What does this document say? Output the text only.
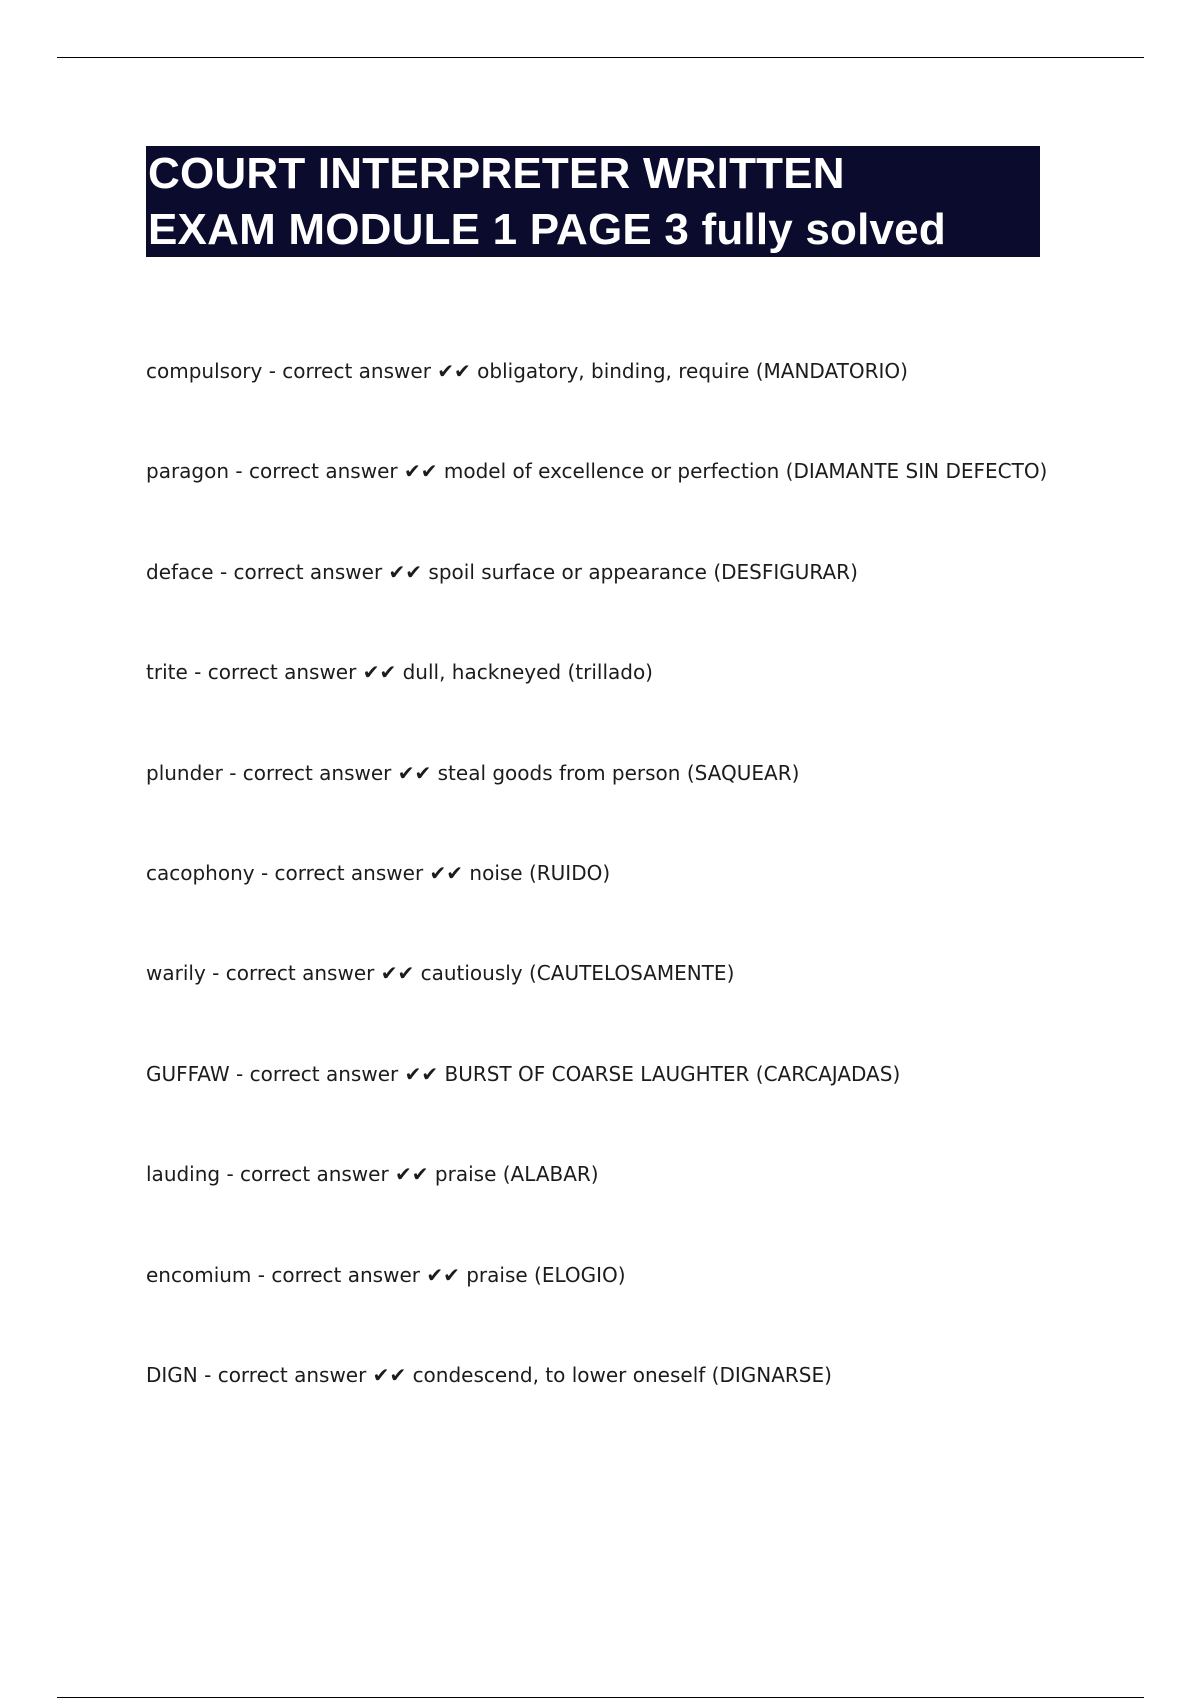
COURT INTERPRETER WRITTEN
EXAM MODULE 1 PAGE 3 fully solved
compulsory - correct answer ✔✔ obligatory, binding, require (MANDATORIO)
paragon - correct answer ✔✔ model of excellence or perfection (DIAMANTE SIN DEFECTO)
deface - correct answer ✔✔ spoil surface or appearance (DESFIGURAR)
trite - correct answer ✔✔ dull, hackneyed (trillado)
plunder - correct answer ✔✔ steal goods from person (SAQUEAR)
cacophony - correct answer ✔✔ noise (RUIDO)
warily - correct answer ✔✔ cautiously (CAUTELOSAMENTE)
GUFFAW - correct answer ✔✔ BURST OF COARSE LAUGHTER (CARCAJADAS)
lauding - correct answer ✔✔ praise (ALABAR)
encomium - correct answer ✔✔ praise (ELOGIO)
DIGN - correct answer ✔✔ condescend, to lower oneself (DIGNARSE)
